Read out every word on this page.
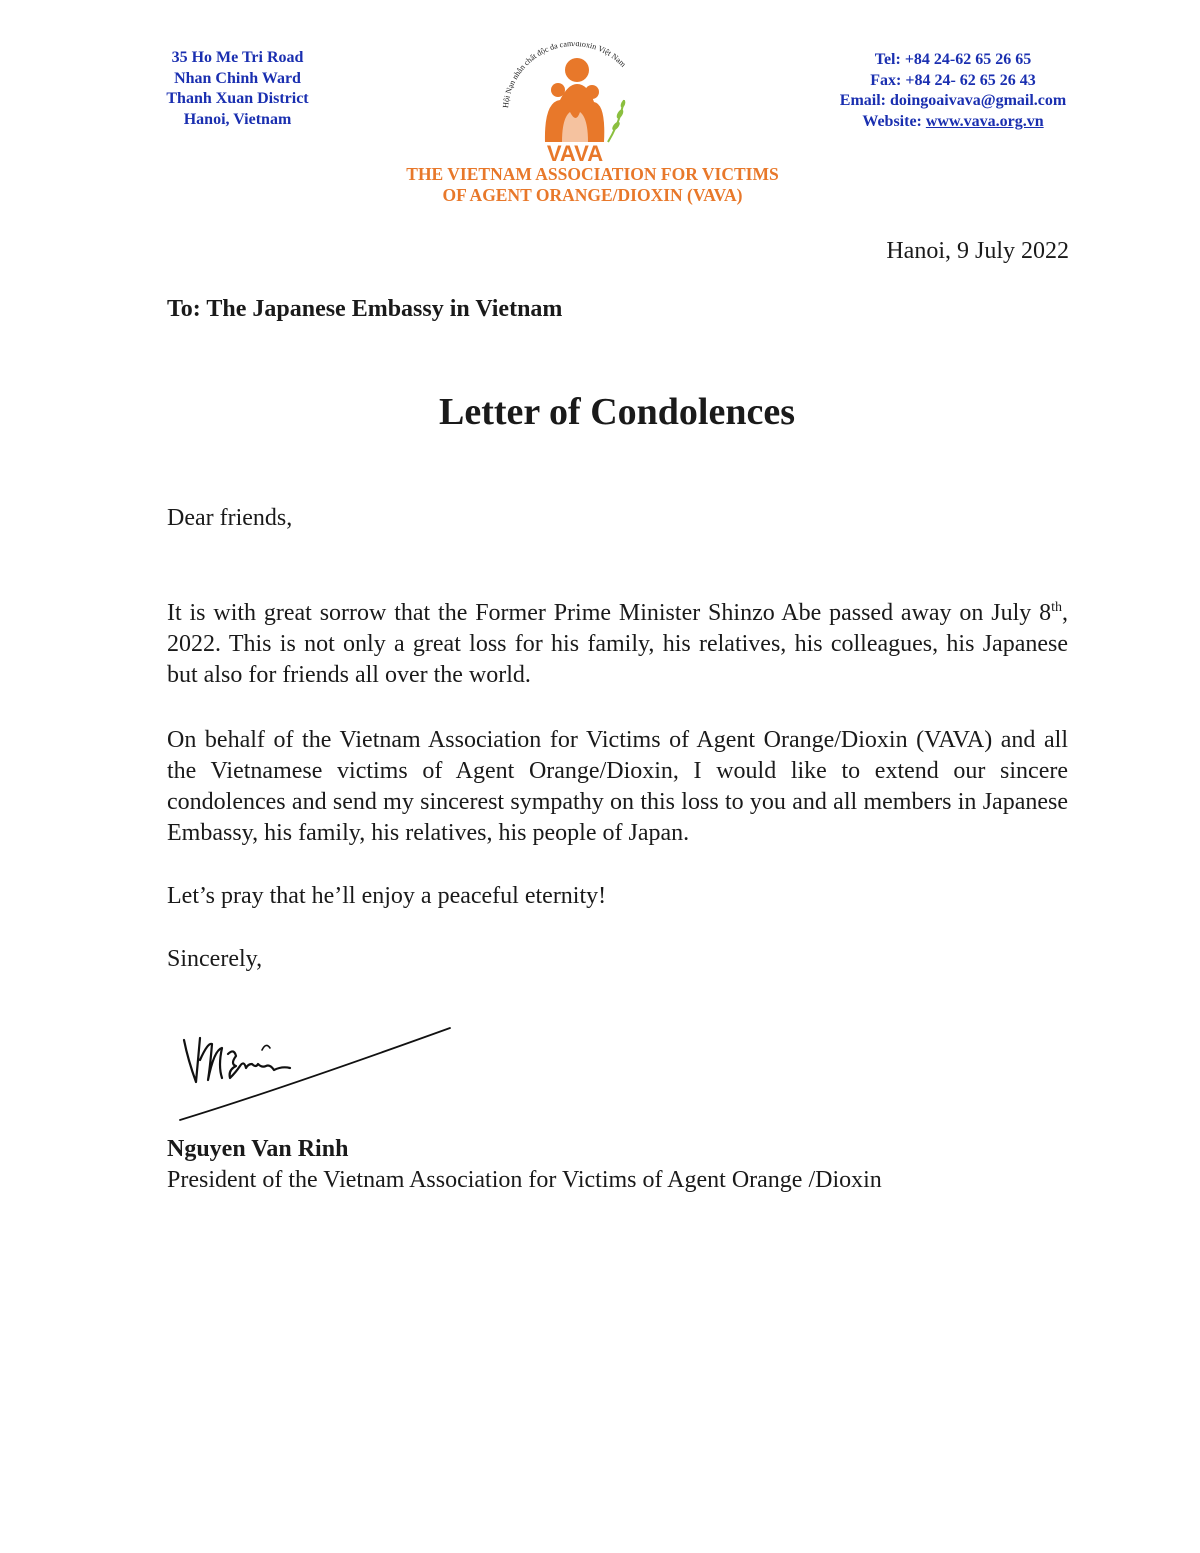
35 Ho Me Tri Road
Nhan Chinh Ward
Thanh Xuan District
Hanoi, Vietnam
Hội Nạn nhân chất độc da cam/dioxin Việt Nam
VAVA
Tel: +84 24-62 65 26 65
Fax: +84 24- 62 65 26 43
Email: doingoaivava@gmail.com
Website: www.vava.org.vn
THE VIETNAM ASSOCIATION FOR VICTIMS
OF AGENT ORANGE/DIOXIN (VAVA)
Hanoi, 9 July 2022
To: The Japanese Embassy in Vietnam
Letter of Condolences
Dear friends,

It is with great sorrow that the Former Prime Minister Shinzo Abe passed away on July 8th, 2022. This is not only a great loss for his family, his relatives, his colleagues, his Japanese but also for friends all over the world.

On behalf of the Vietnam Association for Victims of Agent Orange/Dioxin (VAVA) and all the Vietnamese victims of Agent Orange/Dioxin, I would like to extend our sincere condolences and send my sincerest sympathy on this loss to you and all members in Japanese Embassy, his family, his relatives, his people of Japan.

Let’s pray that he’ll enjoy a peaceful eternity!

Sincerely,
Nguyen Van Rinh
President of the Vietnam Association for Victims of Agent Orange /Dioxin
